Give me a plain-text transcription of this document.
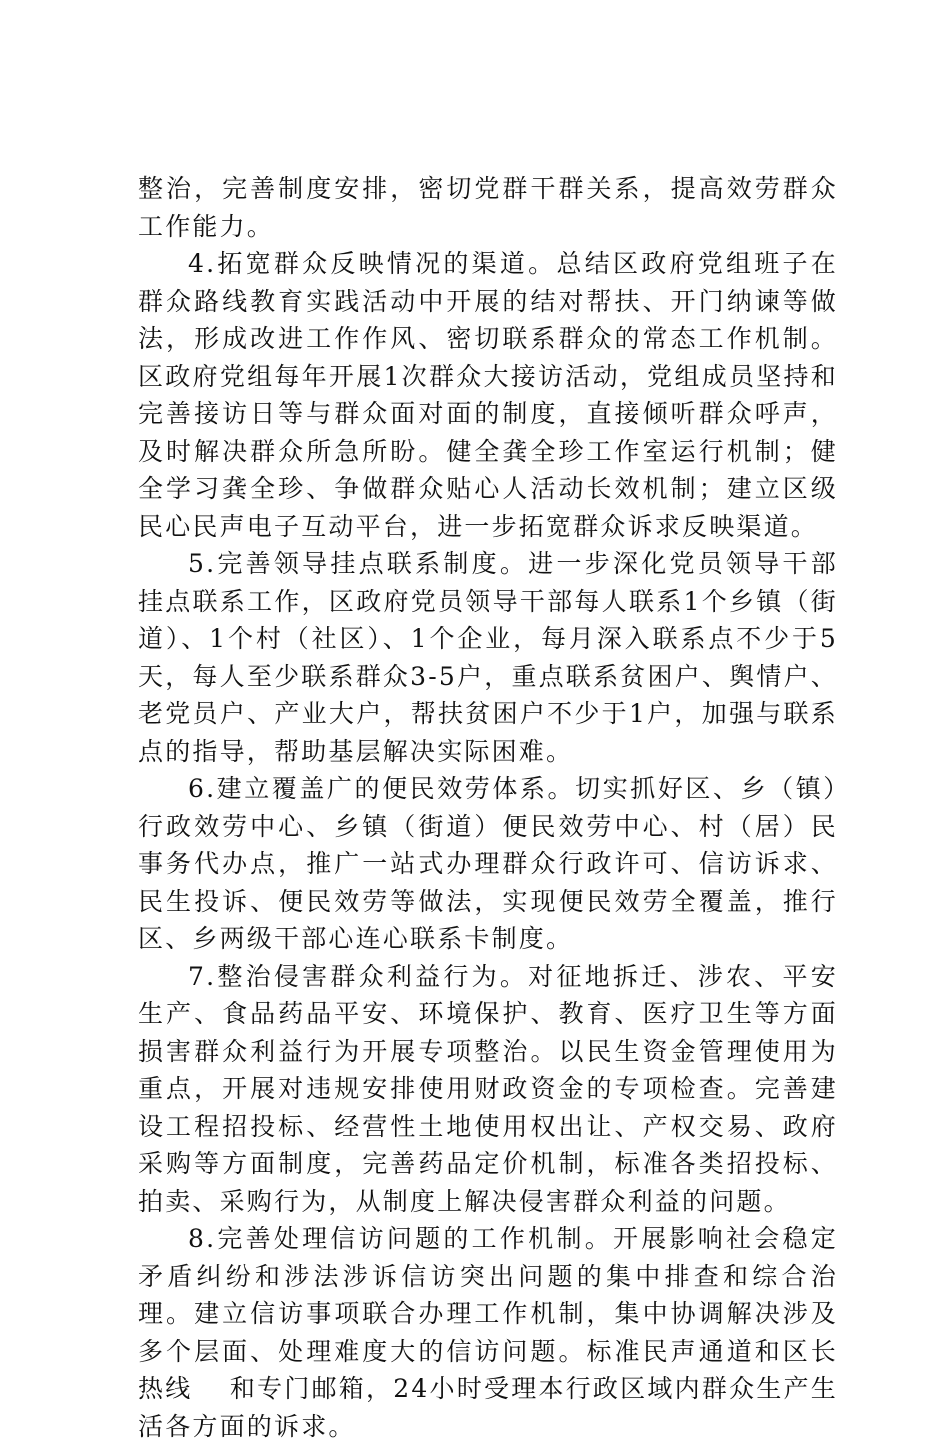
整治，完善制度安排，密切党群干群关系，提高效劳群众工作能力。

4.拓宽群众反映情况的渠道。总结区政府党组班子在群众路线教育实践活动中开展的结对帮扶、开门纳谏等做法，形成改进工作作风、密切联系群众的常态工作机制。区政府党组每年开展1次群众大接访活动，党组成员坚持和完善接访日等与群众面对面的制度，直接倾听群众呼声，及时解决群众所急所盼。健全龚全珍工作室运行机制；健全学习龚全珍、争做群众贴心人活动长效机制；建立区级民心民声电子互动平台，进一步拓宽群众诉求反映渠道。

5.完善领导挂点联系制度。进一步深化党员领导干部挂点联系工作，区政府党员领导干部每人联系1个乡镇（街道）、1个村（社区）、1个企业，每月深入联系点不少于5天，每人至少联系群众3-5户，重点联系贫困户、舆情户、老党员户、产业大户，帮扶贫困户不少于1户，加强与联系点的指导，帮助基层解决实际困难。

6.建立覆盖广的便民效劳体系。切实抓好区、乡（镇）行政效劳中心、乡镇（街道）便民效劳中心、村（居）民事务代办点，推广一站式办理群众行政许可、信访诉求、民生投诉、便民效劳等做法，实现便民效劳全覆盖，推行区、乡两级干部心连心联系卡制度。

7.整治侵害群众利益行为。对征地拆迁、涉农、平安生产、食品药品平安、环境保护、教育、医疗卫生等方面损害群众利益行为开展专项整治。以民生资金管理使用为重点，开展对违规安排使用财政资金的专项检查。完善建设工程招投标、经营性土地使用权出让、产权交易、政府采购等方面制度，完善药品定价机制，标准各类招投标、拍卖、采购行为，从制度上解决侵害群众利益的问题。

8.完善处理信访问题的工作机制。开展影响社会稳定矛盾纠纷和涉法涉诉信访突出问题的集中排查和综合治理。建立信访事项联合办理工作机制，集中协调解决涉及多个层面、处理难度大的信访问题。标准民声通道和区长热线　 和专门邮箱，24小时受理本行政区域内群众生产生活各方面的诉求。
